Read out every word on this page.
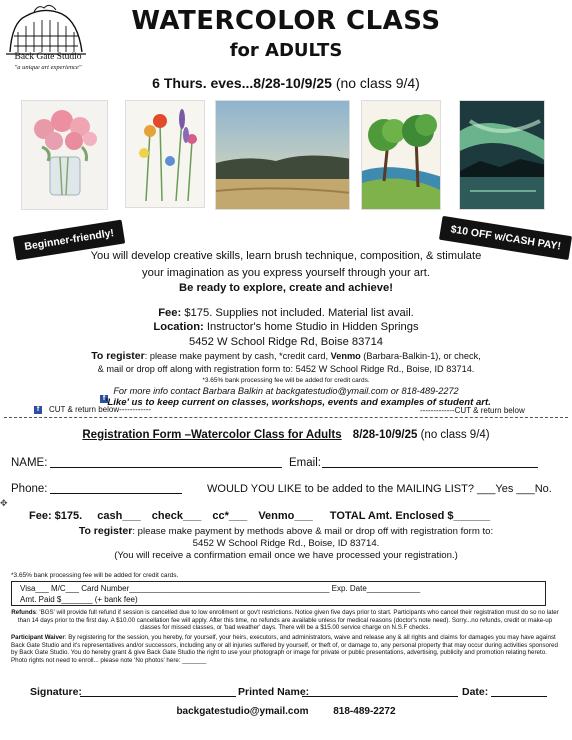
Back Gate Studio
"a unique art experience"
WATERCOLOR CLASS
for ADULTS
6 Thurs. eves...8/28-10/9/25 (no class 9/4)
Beginner-friendly!	$10 OFF w/CASH PAY!
You will develop creative skills, learn brush technique, composition, & stimulate
your imagination as you express yourself through your art.
Be ready to explore, create and achieve!
Fee: $175. Supplies not included. Material list avail.
Location: Instructor's home Studio in Hidden Springs
5452 W School Ridge Rd, Boise 83714
To register: please make payment by cash, *credit card, Venmo (Barbara-Balkin-1), or check,
& mail or drop off along with registration form to: 5452 W School Ridge Rd., Boise, ID 83714.
*3.65% bank processing fee will be added for credit cards.
For more info contact Barbara Balkin at backgatestudio@ymail.com or 818-489-2272
f 'Like' us to keep current on classes, workshops, events and examples of student art.
f	CUT & return below------------	-------------CUT & return below
Registration Form –Watercolor Class for Adults 8/28-10/9/25 (no class 9/4)
NAME:	Email:
Phone:	WOULD YOU LIKE to be added to the MAILING LIST? ___Yes ___No.
✥
Fee: $175. cash___ check___ cc*___ Venmo___ TOTAL Amt. Enclosed $______
To register: please make payment by methods above & mail or drop off with registration form to:
5452 W School Ridge Rd., Boise, ID 83714.
(You will receive a confirmation email once we have processed your registration.)
*3.65% bank processing fee will be added for credit cards.
Visa___ M/C___ Card Number_____________________________________________ Exp. Date____________
Amt. Paid $_______ (+ bank fee)
Refunds: 'BGS' will provide full refund if session is cancelled due to low enrollment or gov't restrictions. Notice given five days prior to start. Participants who cancel their registration must do so no later than 14 days prior to the first day. A $10.00 cancellation fee will apply. After this time, no refunds are available unless for medical reasons (doctor's note need). Sorry...no refunds, credit or make-up classes for missed classes, or 'bad weather' days. There will be a $15.00 service charge on N.S.F checks.
Participant Waiver: By registering for the session, you hereby, for yourself, your heirs, executors, and administrators, waive and release any & all rights and claims for damages you may have against Back Gate Studio and it's representatives and/or successors, including any or all injuries suffered by yourself, or theft of, or damage to, any personal property that may occur during activities sponsored by Back Gate Studio. You do hereby grant & give Back Gate Studio the right to use your photograph or image for private or public presentations, advertising, publicity and promotion relating hereto. Photo rights not need to enroll... please note 'No photos' here: _______
Signature:	Printed Name:	Date:
backgatestudio@ymail.com 818-489-2272
